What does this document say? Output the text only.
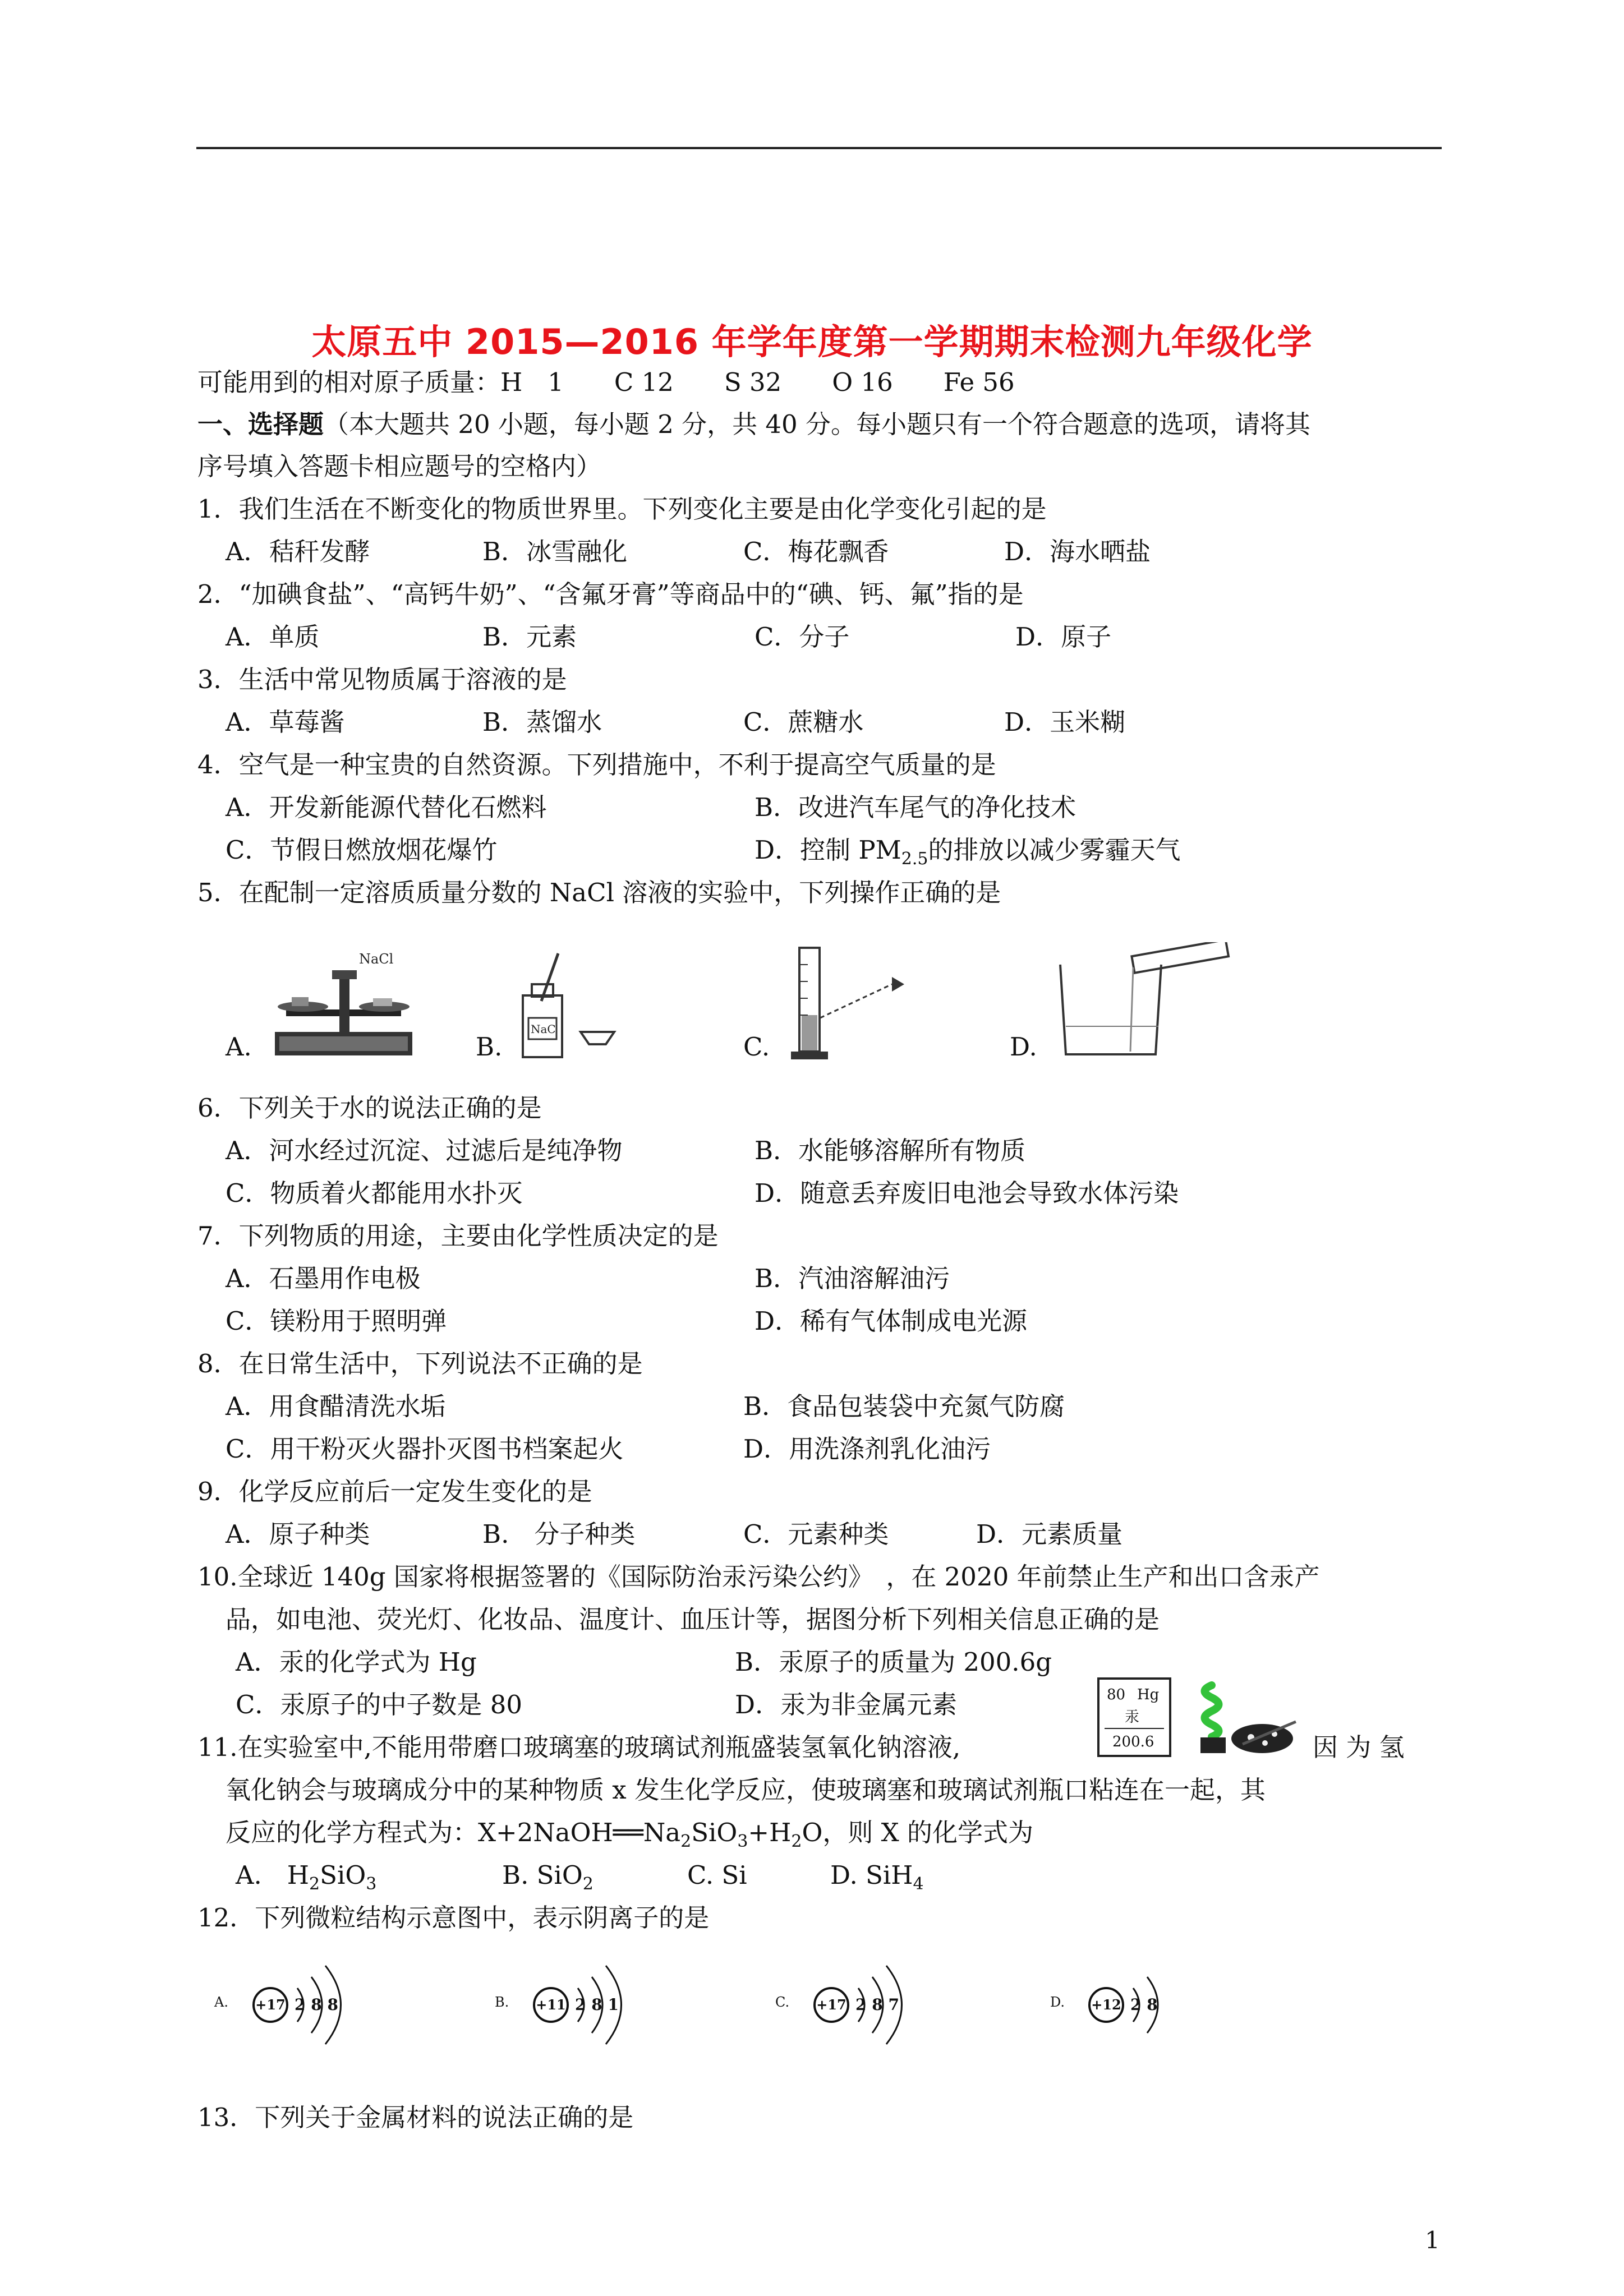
太原五中 2015—2016 年学年度第一学期期末检测九年级化学
可能用到的相对原子质量：H　1　　C 12　　S 32　　O 16　　Fe 56
一、选择题（本大题共 20 小题，每小题 2 分，共 40 分。每小题只有一个符合题意的选项，请将其
序号填入答题卡相应题号的空格内）
1．我们生活在不断变化的物质世界里。下列变化主要是由化学变化引起的是
A．秸秆发酵	B．冰雪融化	C．梅花飘香	D．海水晒盐
2．“加碘食盐”、“高钙牛奶”、“含氟牙膏”等商品中的“碘、钙、氟”指的是
A．单质	B．元素	C．分子	D．原子
3．生活中常见物质属于溶液的是
A．草莓酱	B．蒸馏水	C．蔗糖水	D．玉米糊
4．空气是一种宝贵的自然资源。下列措施中，不利于提高空气质量的是
A．开发新能源代替化石燃料	B．改进汽车尾气的净化技术
C．节假日燃放烟花爆竹	D．控制 $PM_{2.5}$的排放以减少雾霾天气
5．在配制一定溶质质量分数的 NaCl 溶液的实验中，下列操作正确的是
A.
NaCl
B.
NaC
C.	D.
6．下列关于水的说法正确的是
A．河水经过沉淀、过滤后是纯净物	B．水能够溶解所有物质
C．物质着火都能用水扑灭	D．随意丢弃废旧电池会导致水体污染
7．下列物质的用途，主要由化学性质决定的是
A．石墨用作电极	B．汽油溶解油污
C．镁粉用于照明弹	D．稀有气体制成电光源
8．在日常生活中，下列说法不正确的是
A．用食醋清洗水垢	B．食品包装袋中充氮气防腐
C．用干粉灭火器扑灭图书档案起火	D．用洗涤剂乳化油污
9．化学反应前后一定发生变化的是
A．原子种类	B.　分子种类	C．元素种类	D．元素质量
10.全球近 140g 国家将根据签署的《国际防治汞污染公约》　，在 2020 年前禁止生产和出口含汞产
品，如电池、荧光灯、化妆品、温度计、血压计等，据图分析下列相关信息正确的是
A．汞的化学式为 Hg	B．汞原子的质量为 200.6g
C．汞原子的中子数是 80	D．汞为非金属元素	80 Hg
汞
200.6
11.在实验室中,不能用带磨口玻璃塞的玻璃试剂瓶盛装氢氧化钠溶液,	因 为 氢
氧化钠会与玻璃成分中的某种物质 x 发生化学反应，使玻璃塞和玻璃试剂瓶口粘连在一起，其
反应的化学方程式为：$X+2NaOH══Na_2SiO_3+H_2O$，则 X 的化学式为
A.　$H_2SiO_3$	B. SiO$_2$	C. Si	D. SiH$_4$
12．下列微粒结构示意图中，表示阴离子的是
A. +17 2 8 8	B. +11 2 8 1	C. +17 2 8 7	D. +12 2 8
13．下列关于金属材料的说法正确的是
1
